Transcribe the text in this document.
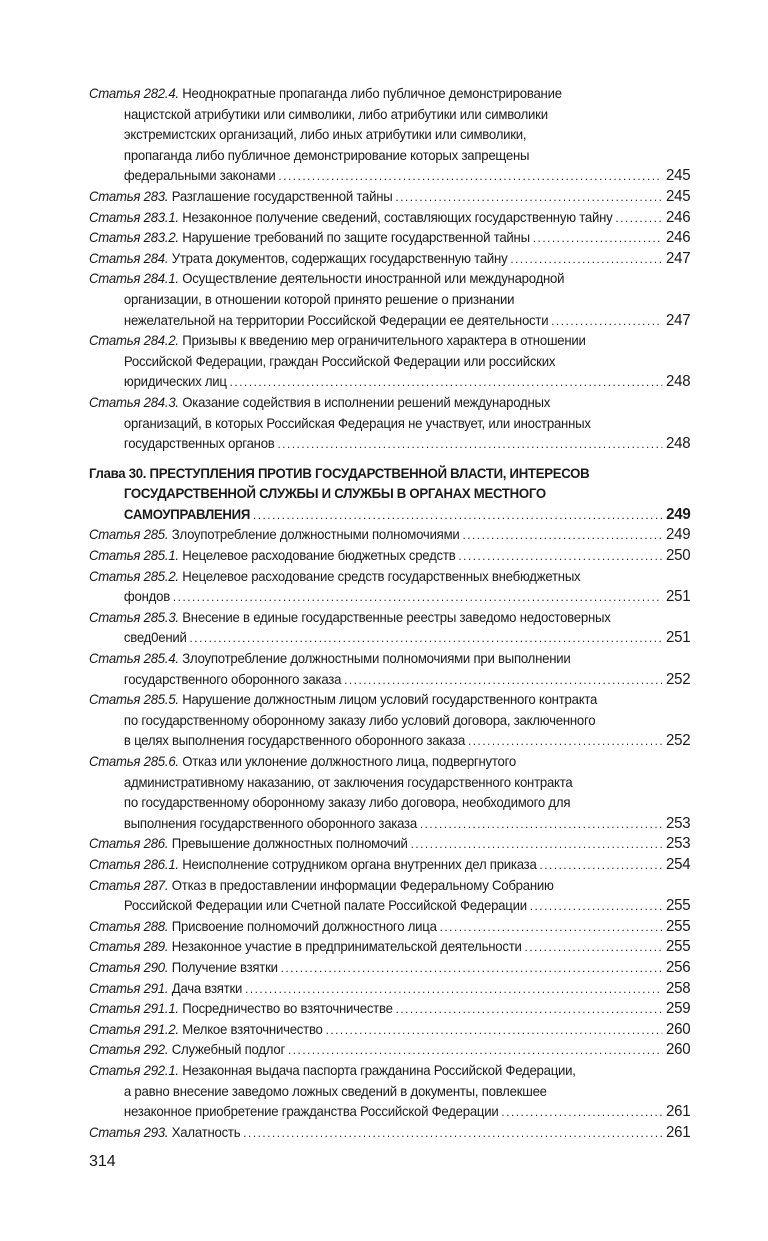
Статья 282.4. Неоднократные пропаганда либо публичное демонстрирование
нацистской атрибутики или символики, либо атрибутики или символики
экстремистских организаций, либо иных атрибутики или символики,
пропаганда либо публичное демонстрирование которых запрещены
федеральными законами .....	245
Статья 283. Разглашение государственной тайны .....	245
Статья 283.1. Незаконное получение сведений, составляющих государственную тайну .....	246
Статья 283.2. Нарушение требований по защите государственной тайны .....	246
Статья 284. Утрата документов, содержащих государственную тайну .....	247
Статья 284.1. Осуществление деятельности иностранной или международной
организации, в отношении которой принято решение о признании
нежелательной на территории Российской Федерации ее деятельности .....	247
Статья 284.2. Призывы к введению мер ограничительного характера в отношении
Российской Федерации, граждан Российской Федерации или российских
юридических лиц .....	248
Статья 284.3. Оказание содействия в исполнении решений международных
организаций, в которых Российская Федерация не участвует, или иностранных
государственных органов .....	248
Глава 30. ПРЕСТУПЛЕНИЯ ПРОТИВ ГОСУДАРСТВЕННОЙ ВЛАСТИ, ИНТЕРЕСОВ
ГОСУДАРСТВЕННОЙ СЛУЖБЫ И СЛУЖБЫ В ОРГАНАХ МЕСТНОГО
САМОУПРАВЛЕНИЯ .....	249
Статья 285. Злоупотребление должностными полномочиями .....	249
Статья 285.1. Нецелевое расходование бюджетных средств .....	250
Статья 285.2. Нецелевое расходование средств государственных внебюджетных
фондов .....	251
Статья 285.3. Внесение в единые государственные реестры заведомо недостоверных
свед0ений .....	251
Статья 285.4. Злоупотребление должностными полномочиями при выполнении
государственного оборонного заказа .....	252
Статья 285.5. Нарушение должностным лицом условий государственного контракта
по государственному оборонному заказу либо условий договора, заключенного
в целях выполнения государственного оборонного заказа .....	252
Статья 285.6. Отказ или уклонение должностного лица, подвергнутого
административному наказанию, от заключения государственного контракта
по государственному оборонному заказу либо договора, необходимого для
выполнения государственного оборонного заказа .....	253
Статья 286. Превышение должностных полномочий .....	253
Статья 286.1. Неисполнение сотрудником органа внутренних дел приказа .....	254
Статья 287. Отказ в предоставлении информации Федеральному Собранию
Российской Федерации или Счетной палате Российской Федерации .....	255
Статья 288. Присвоение полномочий должностного лица .....	255
Статья 289. Незаконное участие в предпринимательской деятельности .....	255
Статья 290. Получение взятки .....	256
Статья 291. Дача взятки .....	258
Статья 291.1. Посредничество во взяточничестве .....	259
Статья 291.2. Мелкое взяточничество .....	260
Статья 292. Служебный подлог .....	260
Статья 292.1. Незаконная выдача паспорта гражданина Российской Федерации,
а равно внесение заведомо ложных сведений в документы, повлекшее
незаконное приобретение гражданства Российской Федерации .....	261
Статья 293. Халатность .....	261
314
